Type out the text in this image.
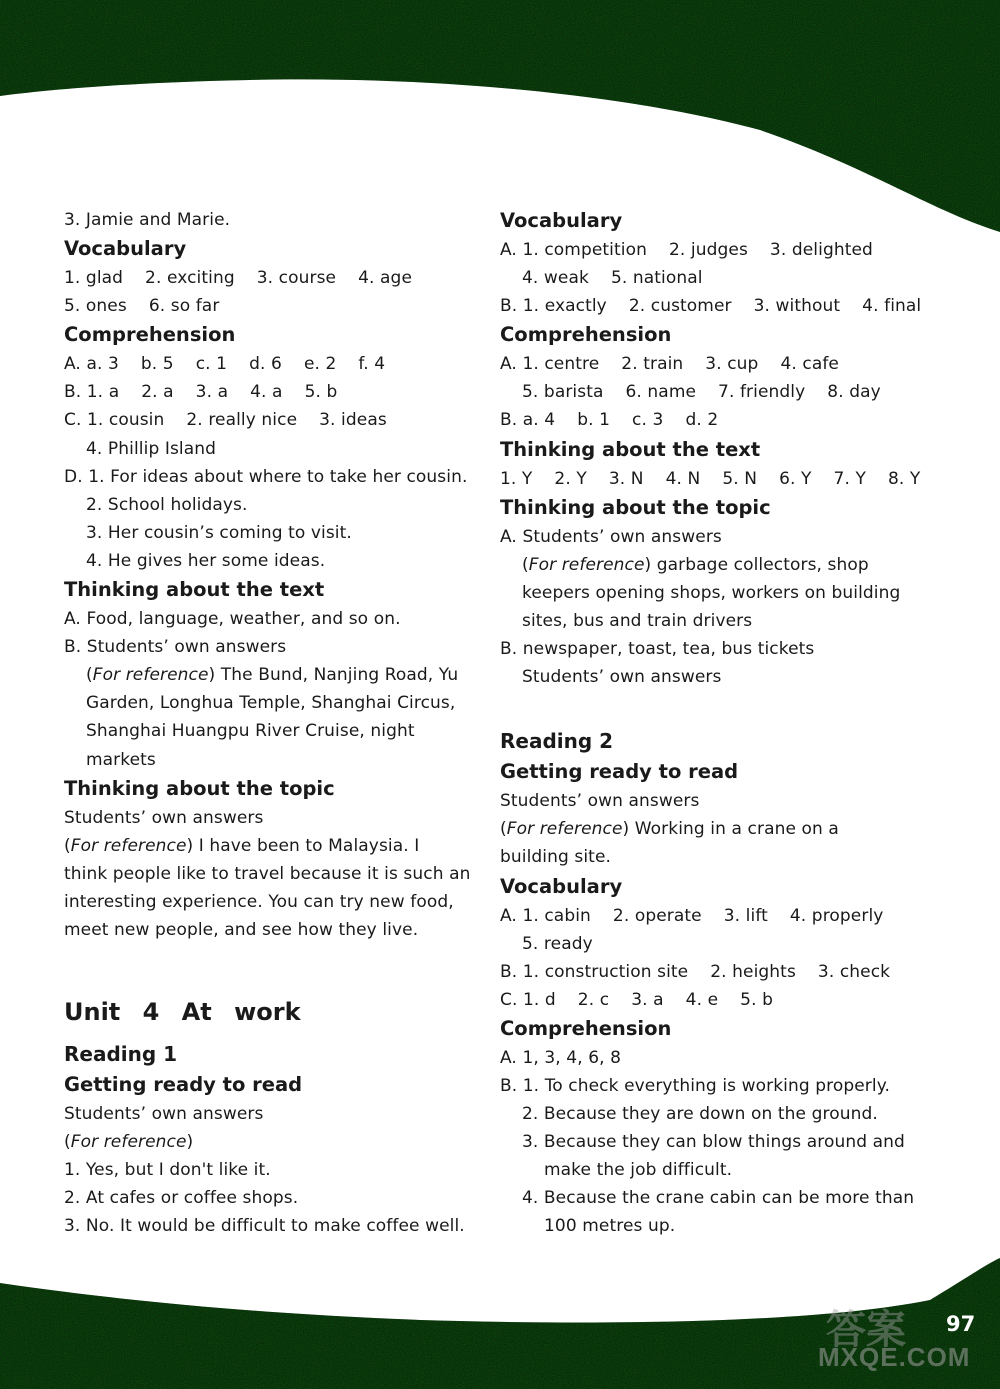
3. Jamie and Marie.
Vocabulary
1. glad    2. exciting    3. course    4. age
5. ones    6. so far
Comprehension
A. a. 3    b. 5    c. 1    d. 6    e. 2    f. 4
B. 1. a    2. a    3. a    4. a    5. b
C. 1. cousin    2. really nice    3. ideas
4. Phillip Island
D. 1. For ideas about where to take her cousin.
2. School holidays.
3. Her cousin’s coming to visit.
4. He gives her some ideas.
Thinking about the text
A. Food, language, weather, and so on.
B. Students’ own answers
(For reference) The Bund, Nanjing Road, Yu
Garden, Longhua Temple, Shanghai Circus,
Shanghai Huangpu River Cruise, night
markets
Thinking about the topic
Students’ own answers
(For reference) I have been to Malaysia. I
think people like to travel because it is such an
interesting experience. You can try new food,
meet new people, and see how they live.
Unit 4 At work
Reading 1
Getting ready to read
Students’ own answers
(For reference)
1. Yes, but I don't like it.
2. At cafes or coffee shops.
3. No. It would be difficult to make coffee well.
Vocabulary
A. 1. competition    2. judges    3. delighted
4. weak    5. national
B. 1. exactly    2. customer    3. without    4. final
Comprehension
A. 1. centre    2. train    3. cup    4. cafe
5. barista    6. name    7. friendly    8. day
B. a. 4    b. 1    c. 3    d. 2
Thinking about the text
1. Y    2. Y    3. N    4. N    5. N    6. Y    7. Y    8. Y
Thinking about the topic
A. Students’ own answers
(For reference) garbage collectors, shop
keepers opening shops, workers on building
sites, bus and train drivers
B. newspaper, toast, tea, bus tickets
Students’ own answers
Reading 2
Getting ready to read
Students’ own answers
(For reference) Working in a crane on a
building site.
Vocabulary
A. 1. cabin    2. operate    3. lift    4. properly
5. ready
B. 1. construction site    2. heights    3. check
C. 1. d    2. c    3. a    4. e    5. b
Comprehension
A. 1, 3, 4, 6, 8
B. 1. To check everything is working properly.
2. Because they are down on the ground.
3. Because they can blow things around and
make the job difficult.
4. Because the crane cabin can be more than
100 metres up.
答案 97
MXQE.COM
